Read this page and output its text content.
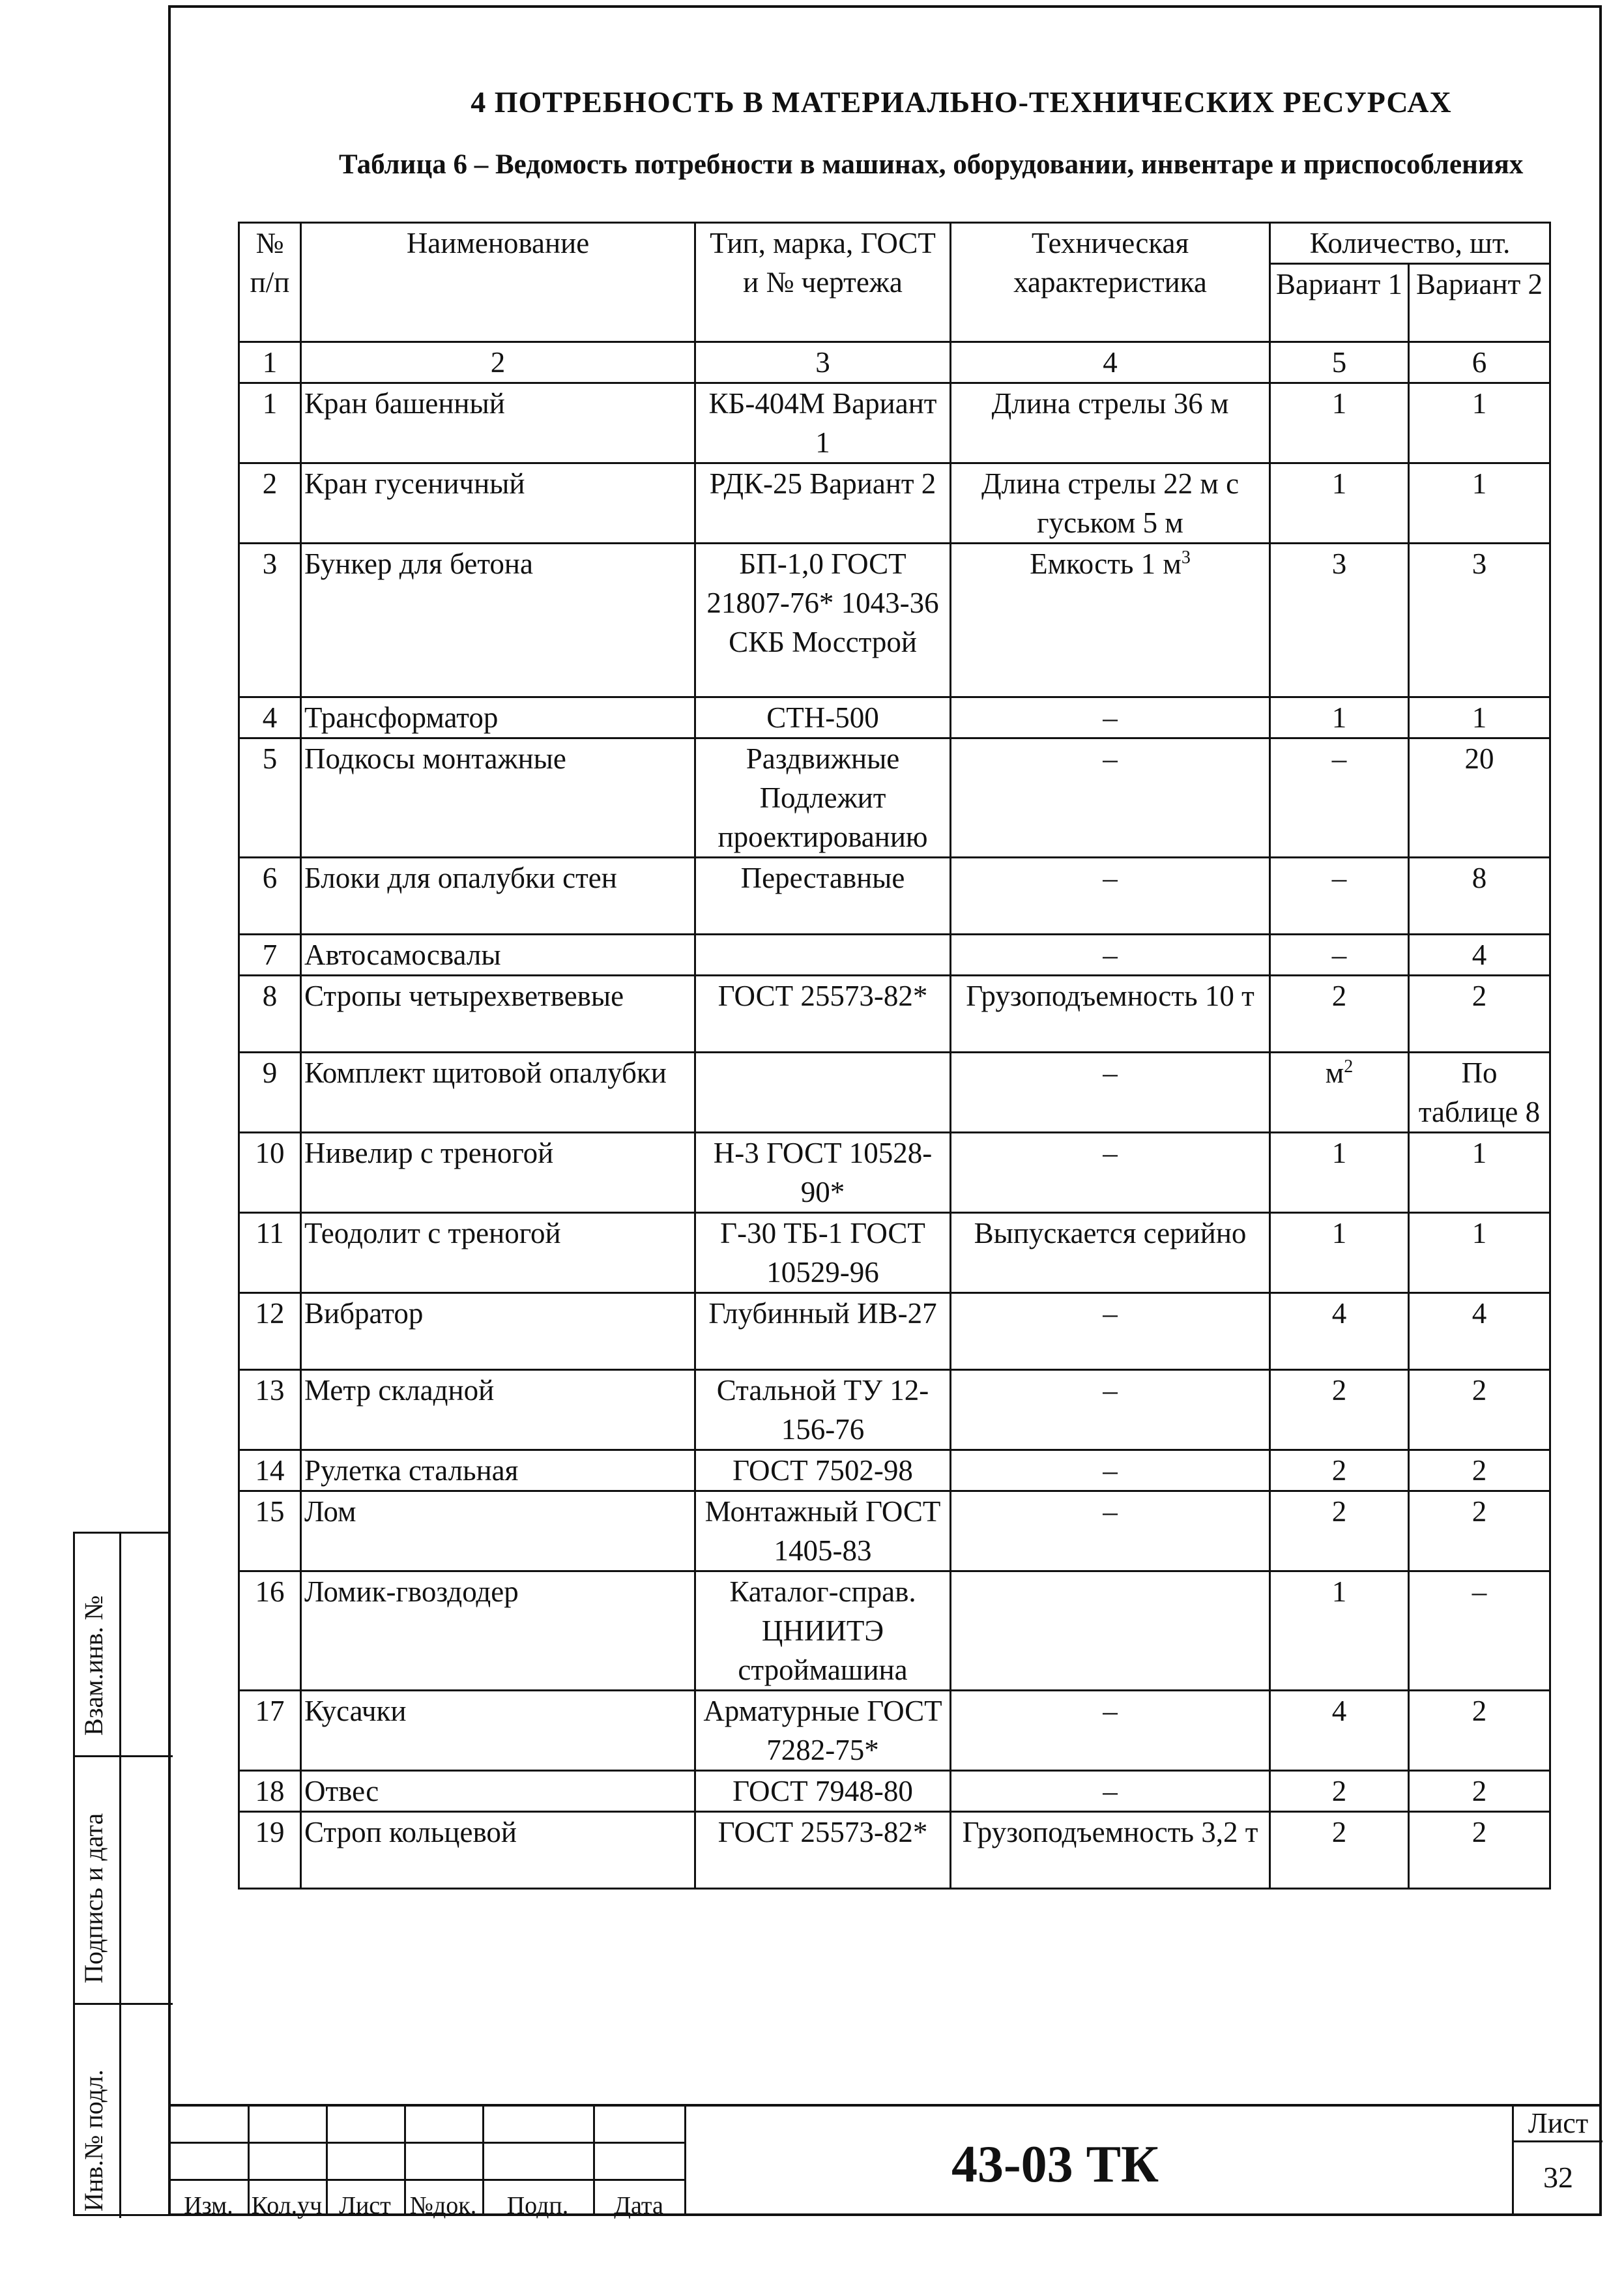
4 ПОТРЕБНОСТЬ В МАТЕРИАЛЬНО-ТЕХНИЧЕСКИХ РЕСУРСАХ
Таблица 6 – Ведомость потребности в машинах, оборудовании, инвентаре и приспособлениях
№ п/п	Наименование	Тип, марка, ГОСТ и № чертежа	Техническая характеристика	Количество, шт.	
				Вариант 1	Вариант 2
1	2	3	4	5	6
1	Кран башенный	КБ-404М Вариант 1	Длина стрелы 36 м	1	1
2	Кран гусеничный	РДК-25 Вариант 2	Длина стрелы 22 м с гуськом 5 м	1	1
3	Бункер для бетона	БП-1,0 ГОСТ 21807-76* 1043-36 СКБ Мосстрой	Емкость 1 $м^3$	3	3
4	Трансформатор	СТН-500	–	1	1
5	Подкосы монтажные	Раздвижные Подлежит проектированию	–	–	20
6	Блоки для опалубки стен	Переставные	–	–	8
7	Автосамосвалы		–	–	4
8	Стропы четырехветвевые	ГОСТ 25573-82*	Грузоподъемность 10 т	2	2
9	Комплект щитовой опалубки		–	$м^2$	По таблице 8
10	Нивелир с треногой	Н-3 ГОСТ 10528-90*	–	1	1
11	Теодолит с треногой	Г-30 ТБ-1 ГОСТ 10529-96	Выпускается серийно	1	1
12	Вибратор	Глубинный ИВ-27	–	4	4
13	Метр складной	Стальной ТУ 12-156-76	–	2	2
14	Рулетка стальная	ГОСТ 7502-98	–	2	2
15	Лом	Монтажный ГОСТ 1405-83	–	2	2
16	Ломик-гвоздодер	Каталог-справ. ЦНИИТЭ строймашина		1	–
17	Кусачки	Арматурные ГОСТ 7282-75*	–	4	2
18	Отвес	ГОСТ 7948-80	–	2	2
19	Строп кольцевой	ГОСТ 25573-82*	Грузоподъемность 3,2 т	2	2
Изм. Кол.уч Лист №док.	Подп.	Дата
43-03 ТК
Лист
32
Взам.инв. №
Подпись и дата
Инв.№ подл.
